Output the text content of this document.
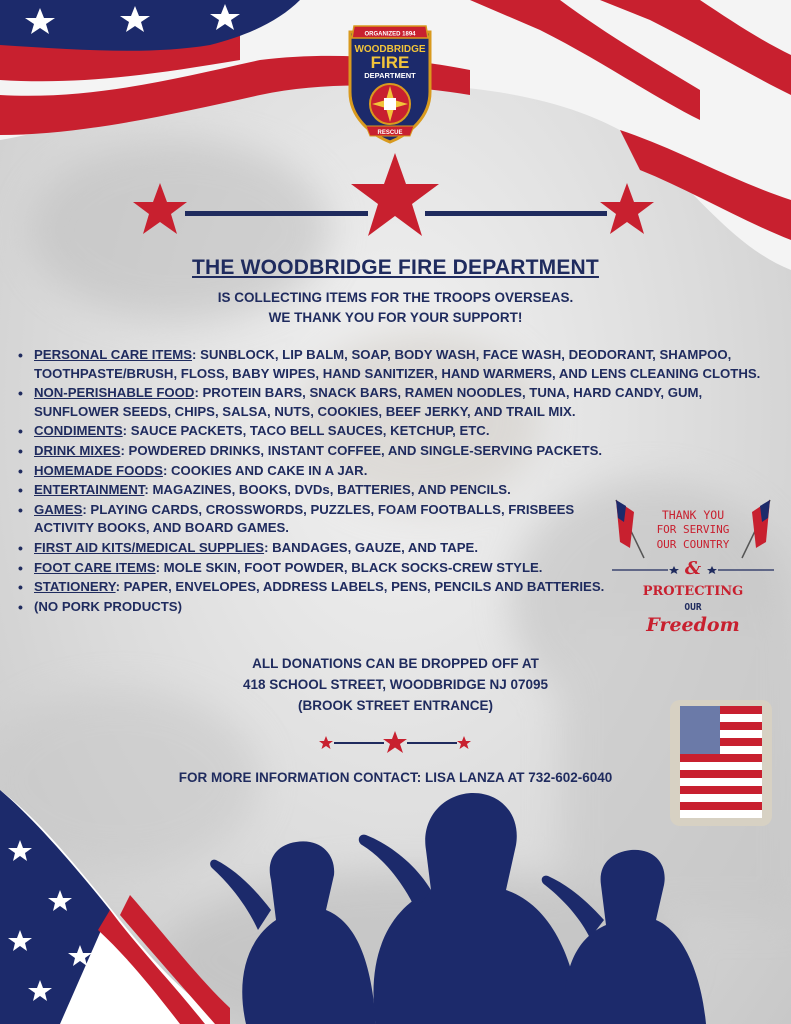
ORGANIZED 1894
WOODBRIDGE
FIRE
DEPARTMENT
RESCUE
THE WOODBRIDGE FIRE DEPARTMENT
IS COLLECTING ITEMS FOR THE TROOPS OVERSEAS.
WE THANK YOU FOR YOUR SUPPORT!
• PERSONAL CARE ITEMS: SUNBLOCK, LIP BALM, SOAP, BODY WASH, FACE WASH, DEODORANT, SHAMPOO, TOOTHPASTE/BRUSH, FLOSS, BABY WIPES, HAND SANITIZER, HAND WARMERS, AND LENS CLEANING CLOTHS.
• NON-PERISHABLE FOOD: PROTEIN BARS, SNACK BARS, RAMEN NOODLES, TUNA, HARD CANDY, GUM, SUNFLOWER SEEDS, CHIPS, SALSA, NUTS, COOKIES, BEEF JERKY, AND TRAIL MIX.
• CONDIMENTS: SAUCE PACKETS, TACO BELL SAUCES, KETCHUP, ETC.
• DRINK MIXES: POWDERED DRINKS, INSTANT COFFEE, AND SINGLE-SERVING PACKETS.
• HOMEMADE FOODS: COOKIES AND CAKE IN A JAR.
• ENTERTAINMENT: MAGAZINES, BOOKS, DVDs, BATTERIES, AND PENCILS.
• GAMES: PLAYING CARDS, CROSSWORDS, PUZZLES, FOAM FOOTBALLS, FRISBEES ACTIVITY BOOKS, AND BOARD GAMES.
• FIRST AID KITS/MEDICAL SUPPLIES: BANDAGES, GAUZE, AND TAPE.
• FOOT CARE ITEMS: MOLE SKIN, FOOT POWDER, BLACK SOCKS-CREW STYLE.
• STATIONERY: PAPER, ENVELOPES, ADDRESS LABELS, PENS, PENCILS AND BATTERIES.
• (NO PORK PRODUCTS)
THANK YOU
FOR SERVING
OUR COUNTRY
&
PROTECTING
OUR
Freedom
ALL DONATIONS CAN BE DROPPED OFF AT
418 SCHOOL STREET, WOODBRIDGE NJ 07095
(BROOK STREET ENTRANCE)
FOR MORE INFORMATION CONTACT: LISA LANZA AT 732-602-6040
